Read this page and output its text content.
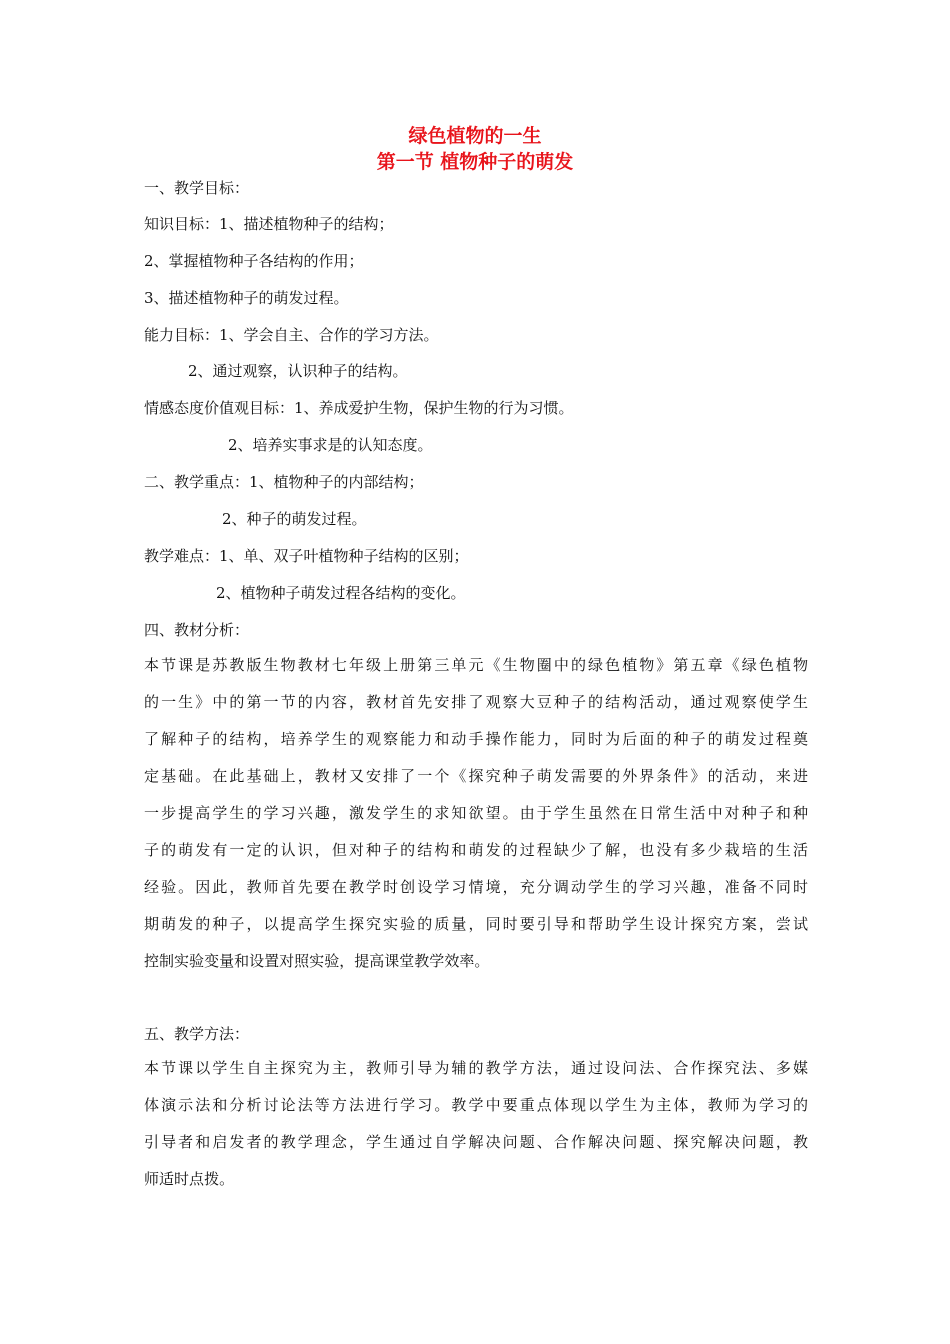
绿色植物的一生
第一节 植物种子的萌发
一、教学目标：
知识目标：1、描述植物种子的结构；
2、掌握植物种子各结构的作用；
3、描述植物种子的萌发过程。
能力目标：1、学会自主、合作的学习方法。
2、通过观察，认识种子的结构。
情感态度价值观目标：1、养成爱护生物，保护生物的行为习惯。
2、培养实事求是的认知态度。
二、教学重点：1、植物种子的内部结构；
2、种子的萌发过程。
教学难点：1、单、双子叶植物种子结构的区别；
2、植物种子萌发过程各结构的变化。
四、教材分析：
本 节 课 是 苏 教 版 生 物 教 材 七 年 级 上 册 第 三 单 元 《 生 物 圈 中 的 绿 色 植 物 》 第 五 章 《 绿 色 植 物
的 一 生 》 中 的 第 一 节 的 内 容 ， 教 材 首 先 安 排 了 观 察 大 豆 种 子 的 结 构 活 动 ， 通 过 观 察 使 学 生
了 解 种 子 的 结 构 ， 培 养 学 生 的 观 察 能 力 和 动 手 操 作 能 力 ， 同 时 为 后 面 的 种 子 的 萌 发 过 程 奠
定 基 础 。 在 此 基 础 上 ， 教 材 又 安 排 了 一 个 《 探 究 种 子 萌 发 需 要 的 外 界 条 件 》 的 活 动 ， 来 进
一 步 提 高 学 生 的 学 习 兴 趣 ， 激 发 学 生 的 求 知 欲 望 。 由 于 学 生 虽 然 在 日 常 生 活 中 对 种 子 和 种
子 的 萌 发 有 一 定 的 认 识 ， 但 对 种 子 的 结 构 和 萌 发 的 过 程 缺 少 了 解 ， 也 没 有 多 少 栽 培 的 生 活
经 验 。 因 此 ， 教 师 首 先 要 在 教 学 时 创 设 学 习 情 境 ， 充 分 调 动 学 生 的 学 习 兴 趣 ， 准 备 不 同 时
期 萌 发 的 种 子 ， 以 提 高 学 生 探 究 实 验 的 质 量 ， 同 时 要 引 导 和 帮 助 学 生 设 计 探 究 方 案 ， 尝 试
控 制 实 验 变 量 和 设 置 对 照 实 验 ， 提 高 课 堂 教 学 效 率 。
五、教学方法：
本 节 课 以 学 生 自 主 探 究 为 主 ， 教 师 引 导 为 辅 的 教 学 方 法 ， 通 过 设 问 法 、 合 作 探 究 法 、 多 媒
体 演 示 法 和 分 析 讨 论 法 等 方 法 进 行 学 习 。 教 学 中 要 重 点 体 现 以 学 生 为 主 体 ， 教 师 为 学 习 的
引 导 者 和 启 发 者 的 教 学 理 念 ， 学 生 通 过 自 学 解 决 问 题 、 合 作 解 决 问 题 、 探 究 解 决 问 题 ， 教
师 适 时 点 拨 。
